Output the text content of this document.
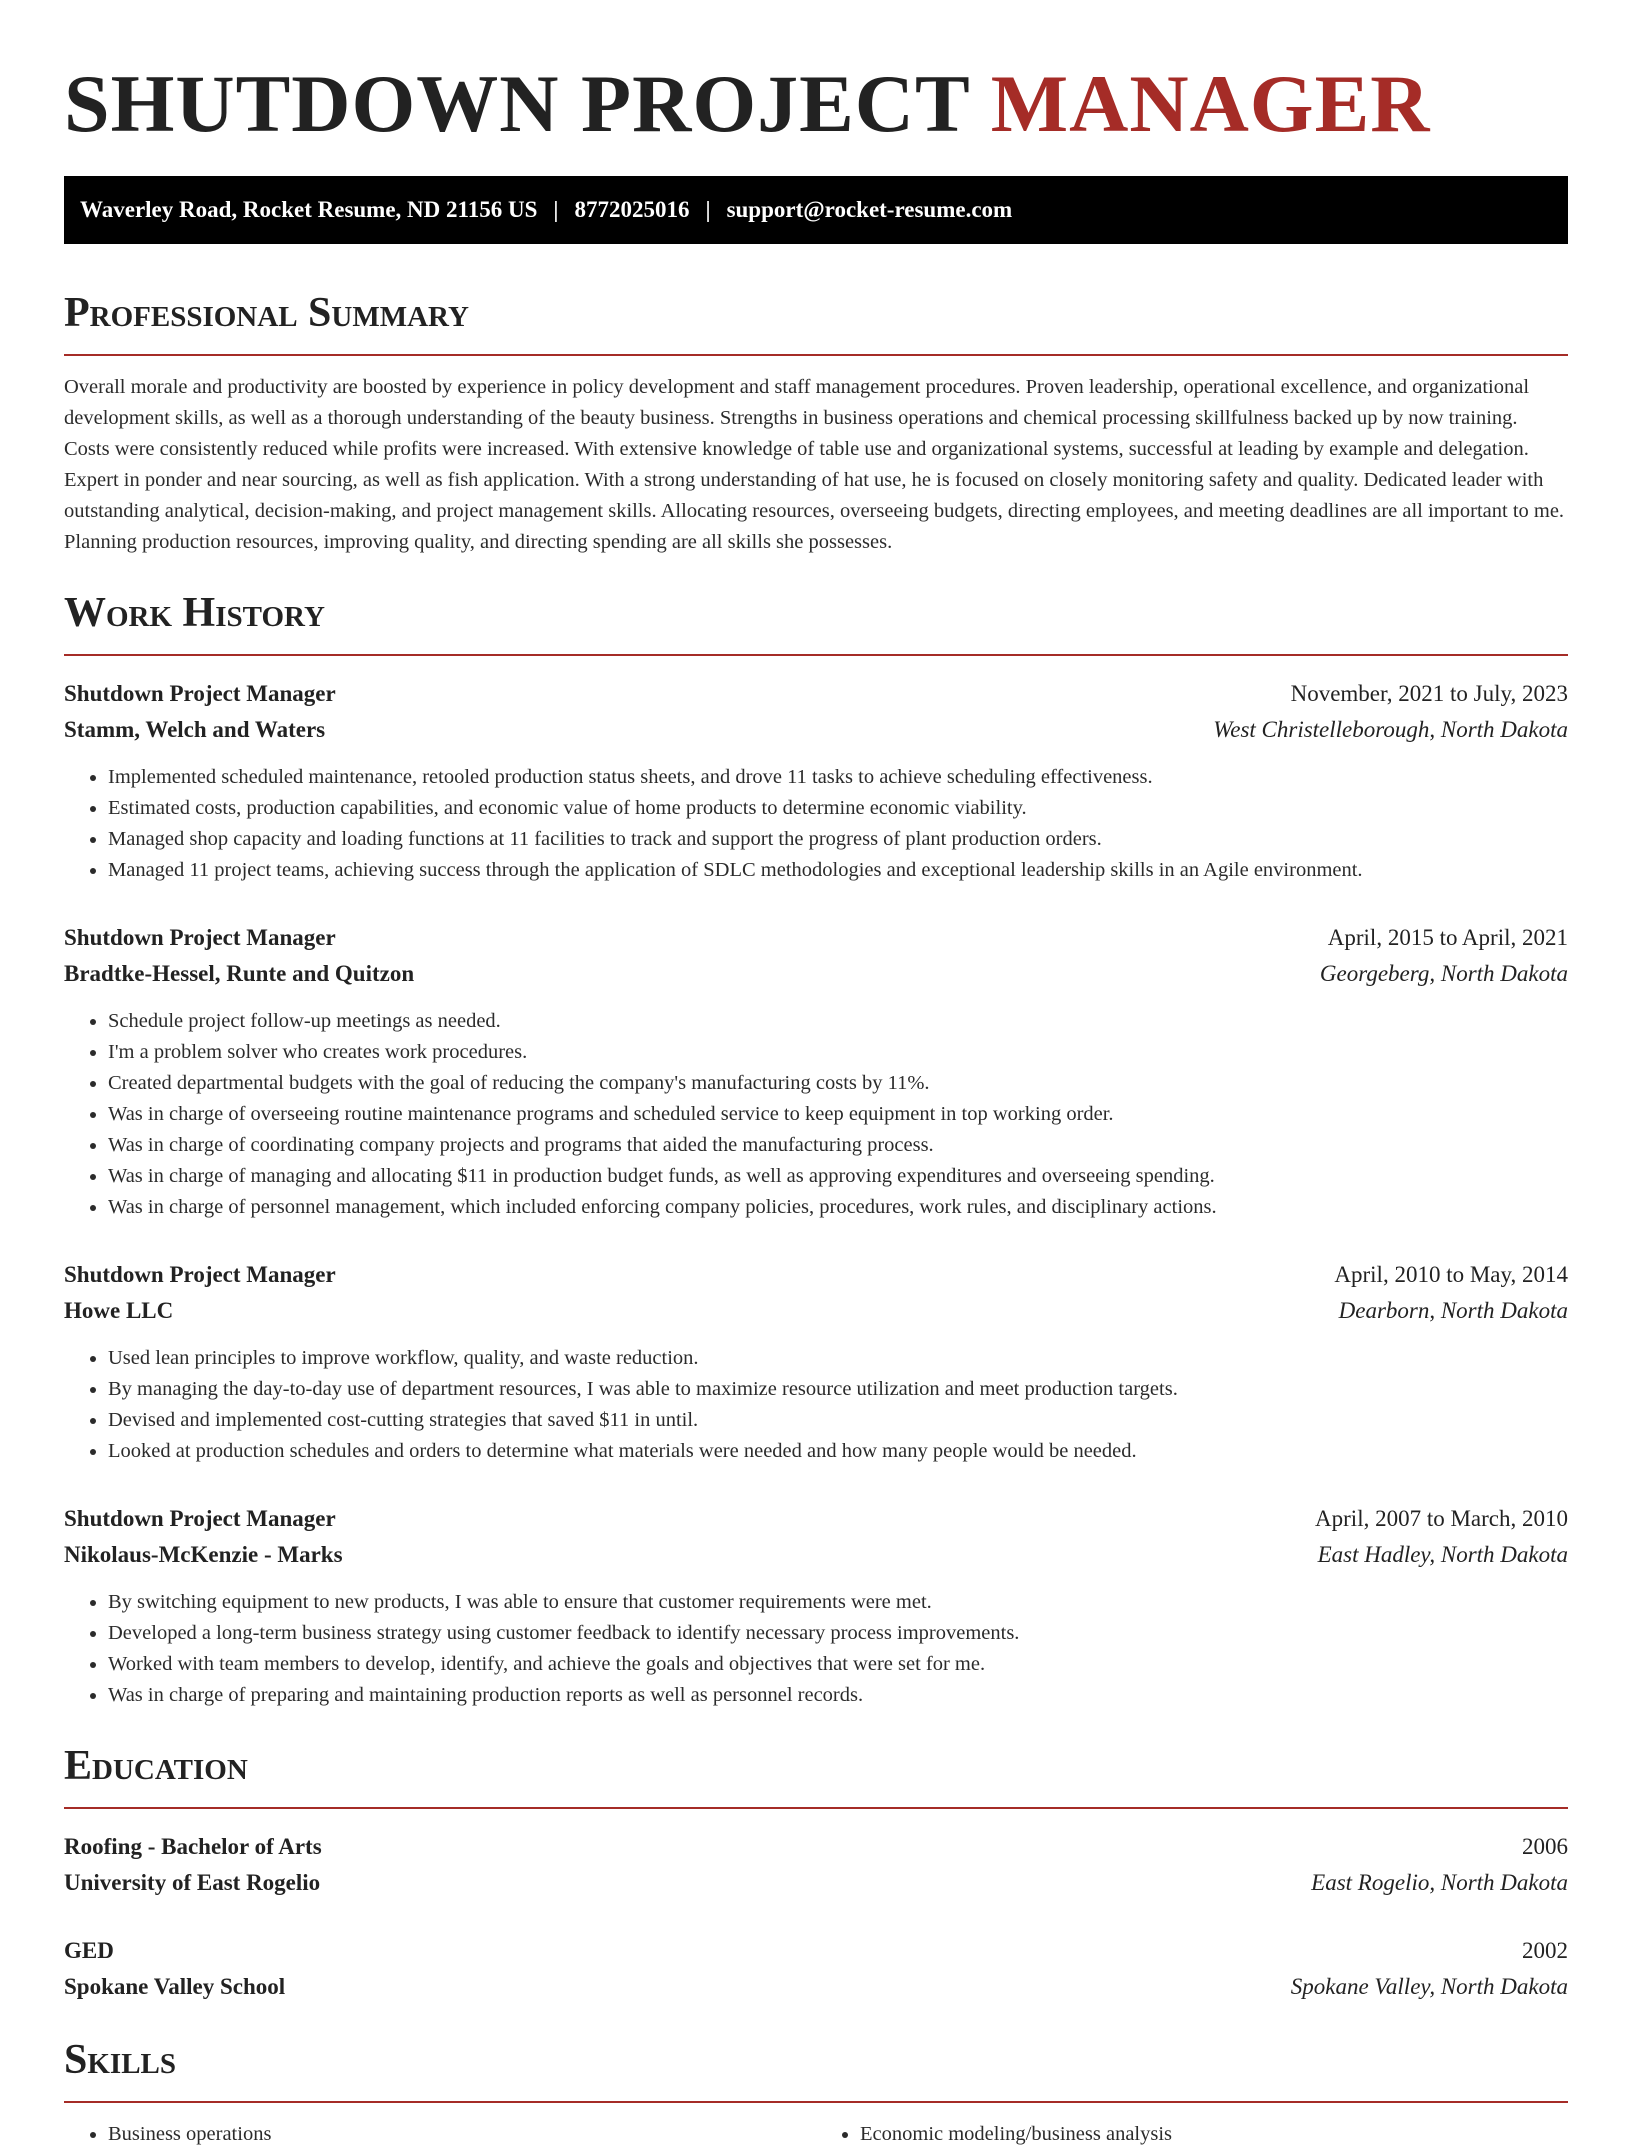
SHUTDOWN PROJECT MANAGER
Waverley Road, Rocket Resume, ND 21156 US | 8772025016 | support@rocket-resume.com
Professional Summary

Overall morale and productivity are boosted by experience in policy development and staff management procedures. Proven leadership, operational excellence, and organizational development skills, as well as a thorough understanding of the beauty business. Strengths in business operations and chemical processing skillfulness backed up by now training. Costs were consistently reduced while profits were increased. With extensive knowledge of table use and organizational systems, successful at leading by example and delegation. Expert in ponder and near sourcing, as well as fish application. With a strong understanding of hat use, he is focused on closely monitoring safety and quality. Dedicated leader with outstanding analytical, decision-making, and project management skills. Allocating resources, overseeing budgets, directing employees, and meeting deadlines are all important to me. Planning production resources, improving quality, and directing spending are all skills she possesses.

Work History
Shutdown Project Manager	November, 2021 to July, 2023
Stamm, Welch and Waters	West Christelleborough, North Dakota
• Implemented scheduled maintenance, retooled production status sheets, and drove 11 tasks to achieve scheduling effectiveness.
• Estimated costs, production capabilities, and economic value of home products to determine economic viability.
• Managed shop capacity and loading functions at 11 facilities to track and support the progress of plant production orders.
• Managed 11 project teams, achieving success through the application of SDLC methodologies and exceptional leadership skills in an Agile environment.
Shutdown Project Manager	April, 2015 to April, 2021
Bradtke-Hessel, Runte and Quitzon	Georgeberg, North Dakota
• Schedule project follow-up meetings as needed.
• I'm a problem solver who creates work procedures.
• Created departmental budgets with the goal of reducing the company's manufacturing costs by 11%.
• Was in charge of overseeing routine maintenance programs and scheduled service to keep equipment in top working order.
• Was in charge of coordinating company projects and programs that aided the manufacturing process.
• Was in charge of managing and allocating $11 in production budget funds, as well as approving expenditures and overseeing spending.
• Was in charge of personnel management, which included enforcing company policies, procedures, work rules, and disciplinary actions.
Shutdown Project Manager	April, 2010 to May, 2014
Howe LLC	Dearborn, North Dakota
• Used lean principles to improve workflow, quality, and waste reduction.
• By managing the day-to-day use of department resources, I was able to maximize resource utilization and meet production targets.
• Devised and implemented cost-cutting strategies that saved $11 in until.
• Looked at production schedules and orders to determine what materials were needed and how many people would be needed.
Shutdown Project Manager	April, 2007 to March, 2010
Nikolaus-McKenzie - Marks	East Hadley, North Dakota
• By switching equipment to new products, I was able to ensure that customer requirements were met.
• Developed a long-term business strategy using customer feedback to identify necessary process improvements.
• Worked with team members to develop, identify, and achieve the goals and objectives that were set for me.
• Was in charge of preparing and maintaining production reports as well as personnel records.
Education
Roofing - Bachelor of Arts	2006
University of East Rogelio	East Rogelio, North Dakota
GED	2002
Spokane Valley School	Spokane Valley, North Dakota
Skills
• Business operations
•	Economic modeling/business analysis
